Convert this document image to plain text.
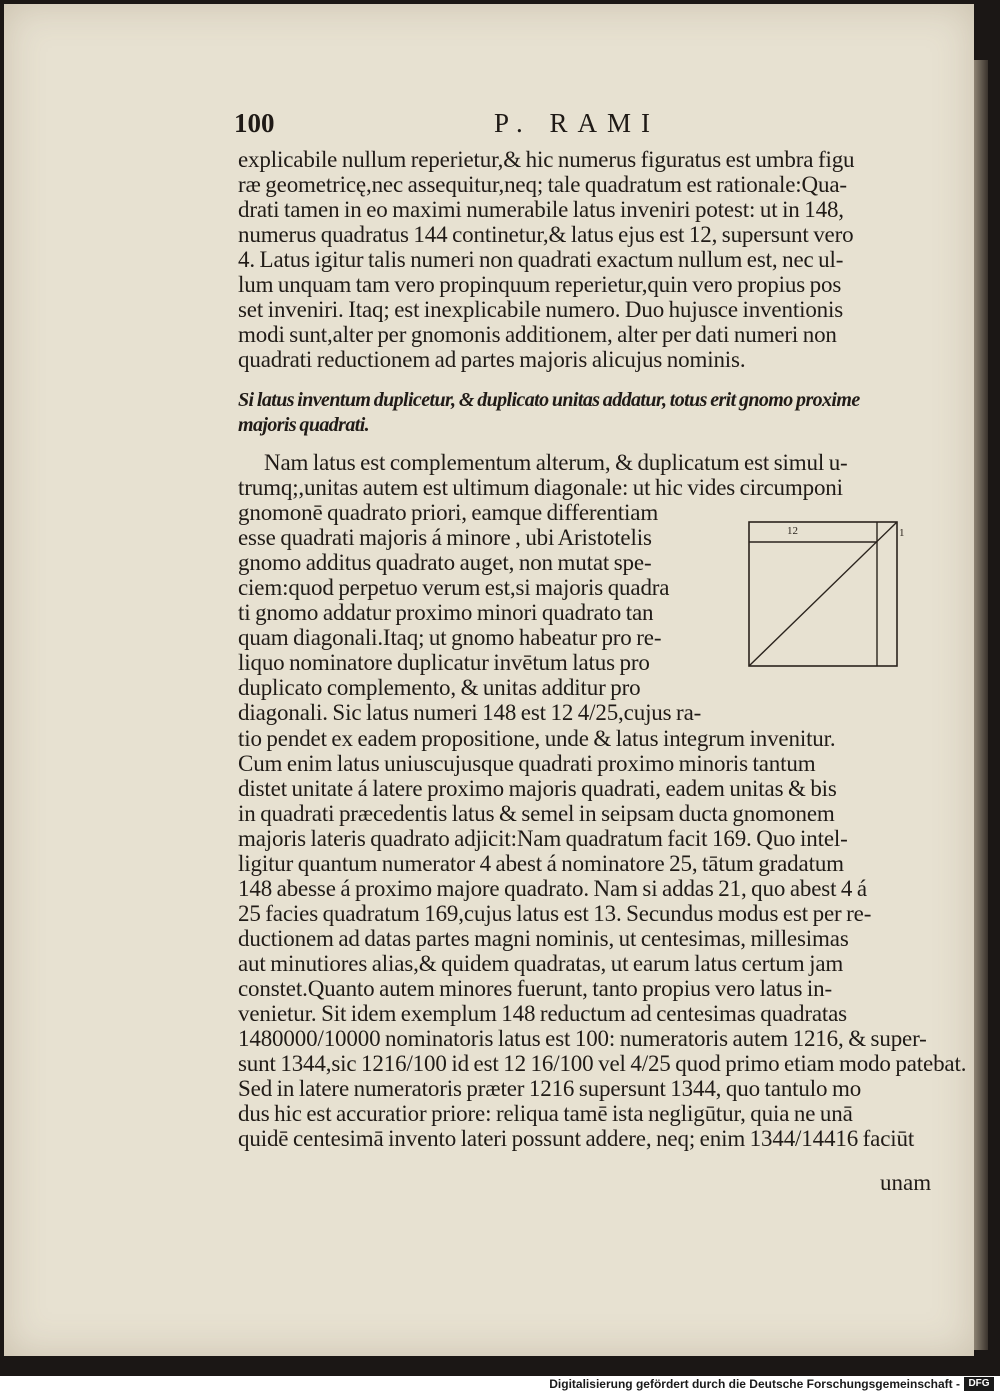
100	P. RAMI
explicabile nullum reperietur,& hic numerus figuratus est umbra figu
ræ geometricę,nec assequitur,neq; tale quadratum est rationale:Qua-
drati tamen in eo maximi numerabile latus inveniri potest: ut in 148,
numerus quadratus 144 continetur,& latus ejus est 12, supersunt vero
4. Latus igitur talis numeri non quadrati exactum nullum est, nec ul-
lum unquam tam vero propinquum reperietur,quin vero propius pos
set inveniri. Itaq; est inexplicabile numero. Duo hujusce inventionis
modi sunt,alter per gnomonis additionem, alter per dati numeri non
quadrati reductionem ad partes majoris alicujus nominis.
Si latus inventum duplicetur, & duplicato unitas addatur, totus erit gnomo proxime
majoris quadrati.
Nam latus est complementum alterum, & duplicatum est simul u-
trumq;,unitas autem est ultimum diagonale: ut hic vides circumponi
gnomonē quadrato priori, eamque differentiam
esse quadrati majoris á minore , ubi Aristotelis
gnomo additus quadrato auget, non mutat spe-
ciem:quod perpetuo verum est,si majoris quadra
ti gnomo addatur proximo minori quadrato tan
quam diagonali.Itaq; ut gnomo habeatur pro re-
liquo nominatore duplicatur invētum latus pro
duplicato complemento, & unitas additur pro
diagonali. Sic latus numeri 148 est 12 4/25,cujus ra-
tio pendet ex eadem propositione, unde & latus integrum invenitur.
Cum enim latus uniuscujusque quadrati proximo minoris tantum
distet unitate á latere proximo majoris quadrati, eadem unitas & bis
in quadrati præcedentis latus & semel in seipsam ducta gnomonem
majoris lateris quadrato adjicit:Nam quadratum facit 169. Quo intel-
ligitur quantum numerator 4 abest á nominatore 25, tātum gradatum
148 abesse á proximo majore quadrato. Nam si addas 21, quo abest 4 á
25 facies quadratum 169,cujus latus est 13. Secundus modus est per re-
ductionem ad datas partes magni nominis, ut centesimas, millesimas
aut minutiores alias,& quidem quadratas, ut earum latus certum jam
constet.Quanto autem minores fuerunt, tanto propius vero latus in-
venietur. Sit idem exemplum 148 reductum ad centesimas quadratas
1480000/10000 nominatoris latus est 100: numeratoris autem 1216, & super-
sunt 1344,sic 1216/100 id est 12 16/100 vel 4/25 quod primo etiam modo patebat.
Sed in latere numeratoris præter 1216 supersunt 1344, quo tantulo mo
dus hic est accuratior priore: reliqua tamē ista negligūtur, quia ne unā
quidē centesimā invento lateri possunt addere, neq; enim 1344/14416 faciūt
unam
12	1
Digitalisierung gefördert durch die Deutsche Forschungsgemeinschaft - DFG
